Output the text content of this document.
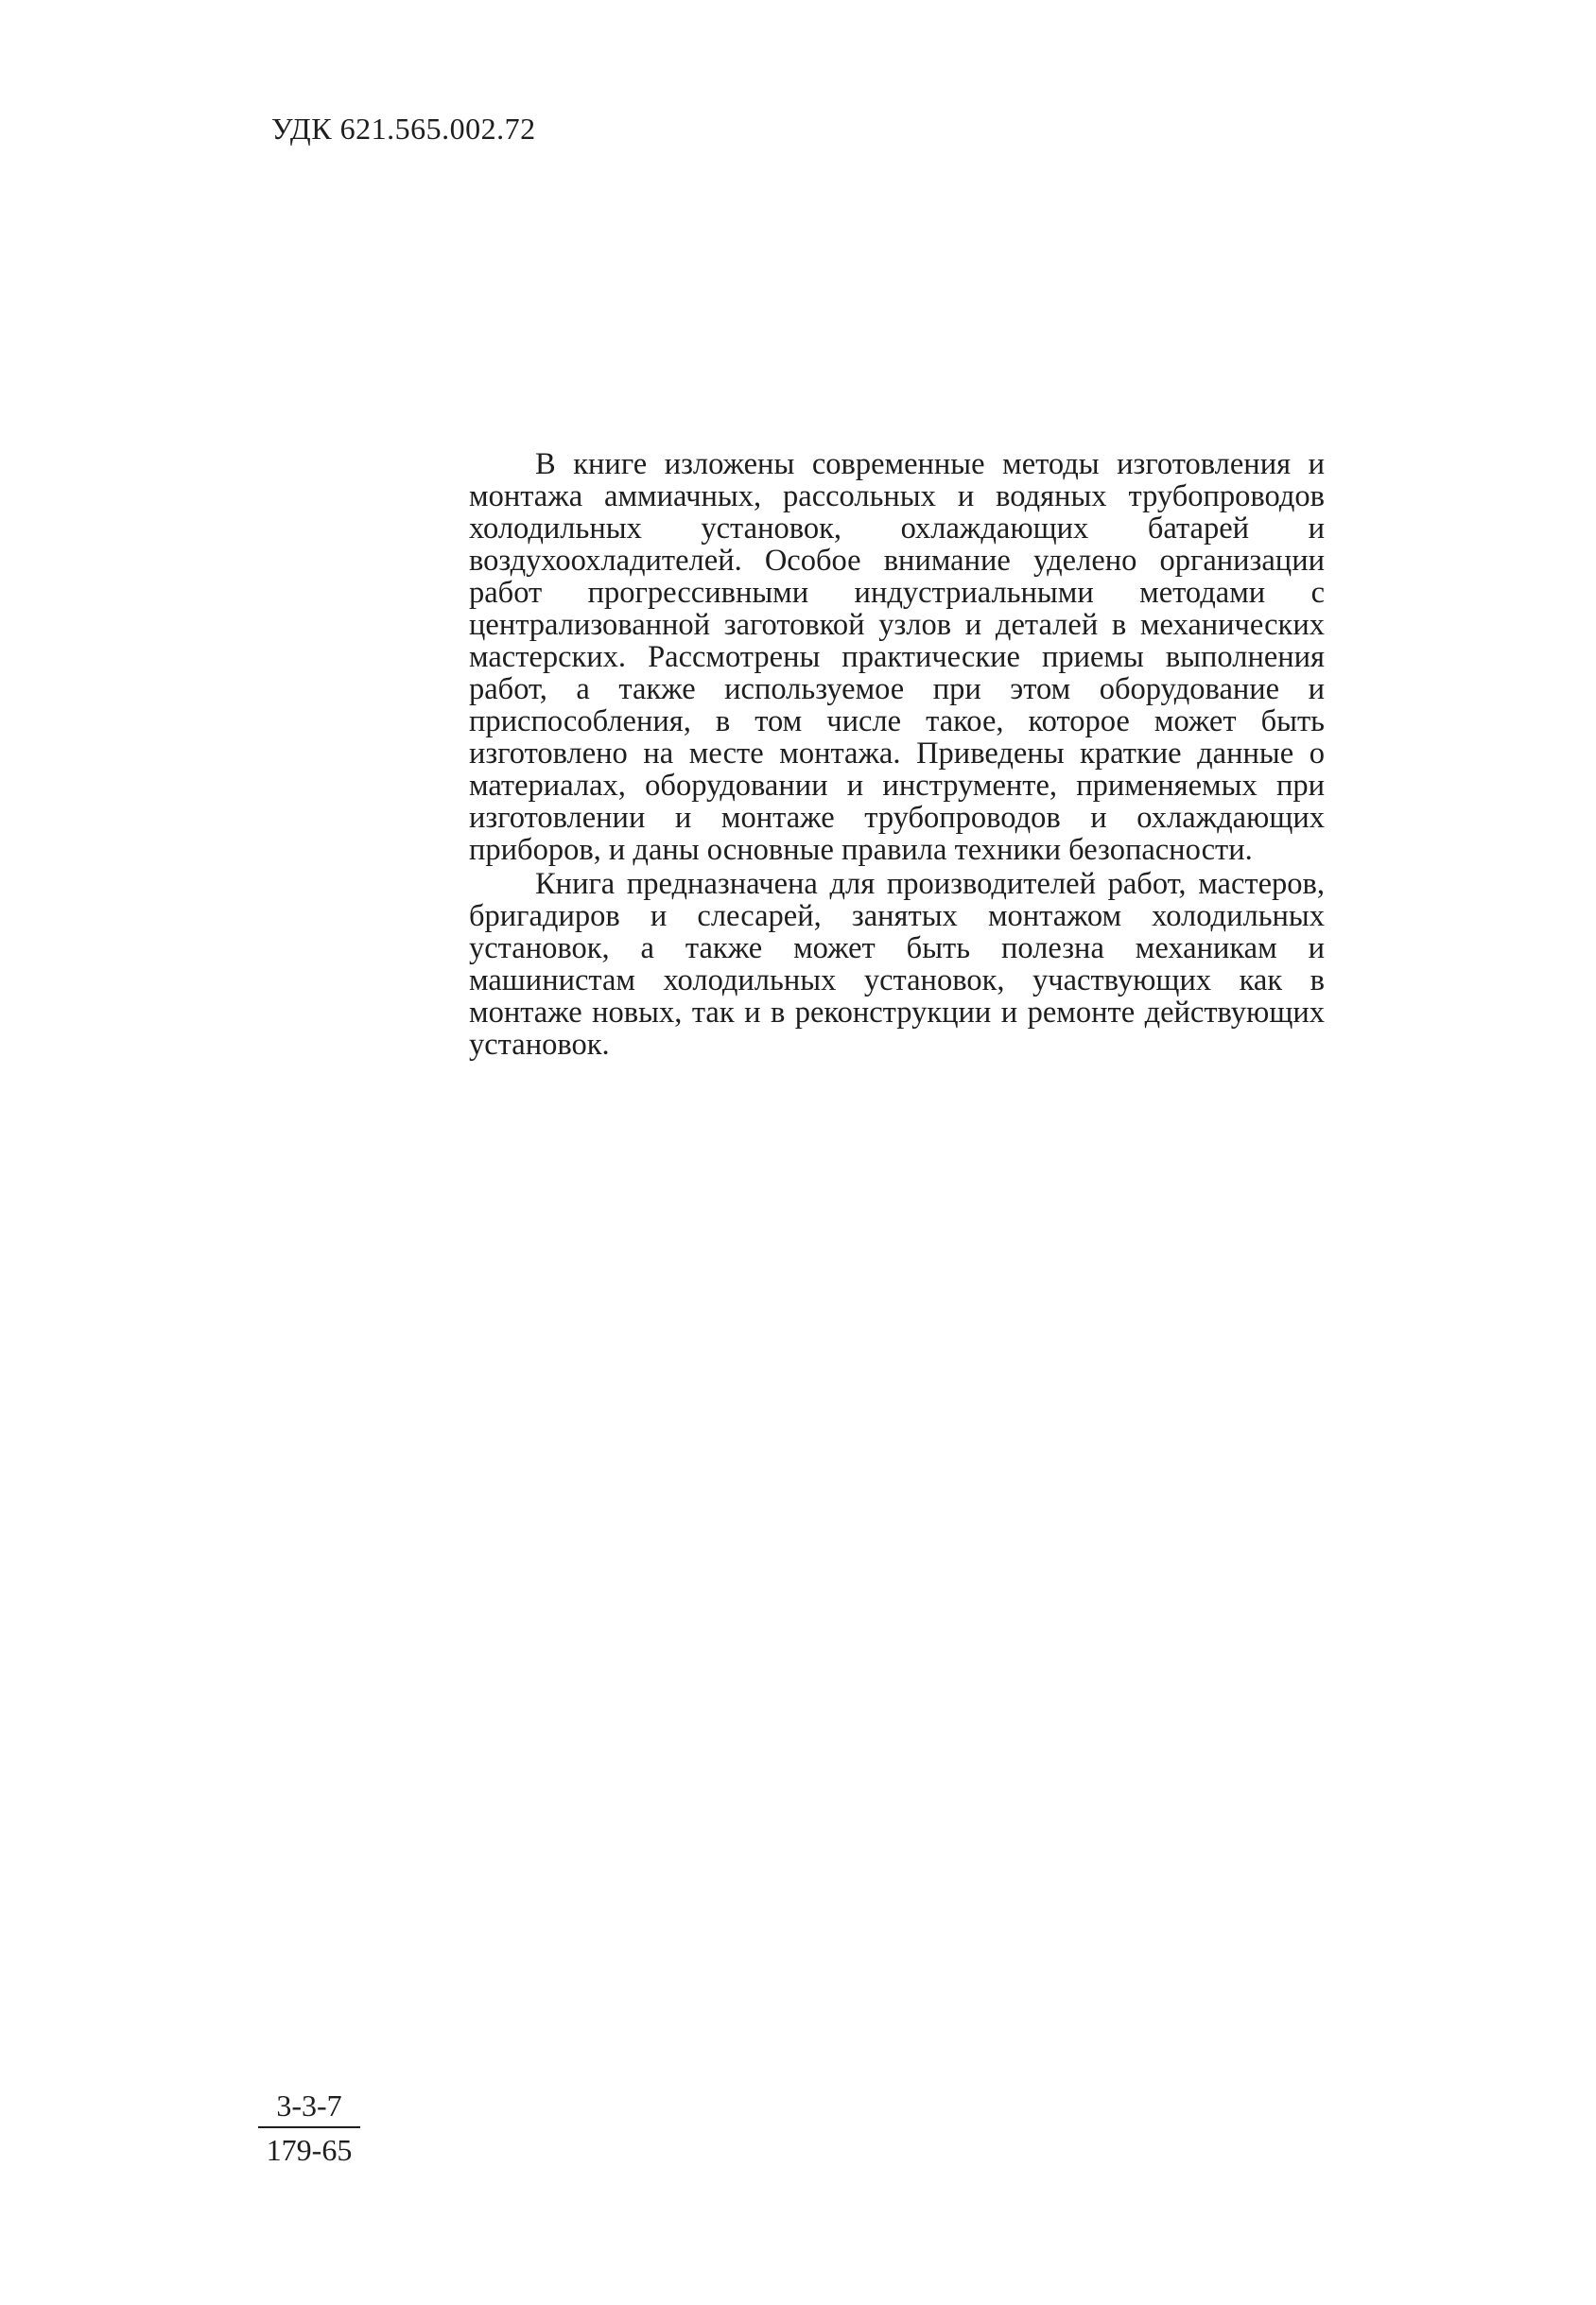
УДК 621.565.002.72

В книге изложены современные методы изготовления и монтажа аммиачных, рассольных и водяных трубопроводов холодильных установок, охлаждающих батарей и воздухоохладителей. Особое внимание уделено организации работ прогрессивными индустриальными методами с централизованной заготовкой узлов и деталей в механических мастерских. Рассмотрены практические приемы выполнения работ, а также используемое при этом оборудование и приспособления, в том числе такое, которое может быть изготовлено на месте монтажа. Приведены краткие данные о материалах, оборудовании и инструменте, применяемых при изготовлении и монтаже трубопроводов и охлаждающих приборов, и даны основные правила техники безопасности.

Книга предназначена для производителей работ, мастеров, бригадиров и слесарей, занятых монтажом холодильных установок, а также может быть полезна механикам и машинистам холодильных установок, участвующих как в монтаже новых, так и в реконструкции и ремонте действующих установок.

3-3-7
179-65
